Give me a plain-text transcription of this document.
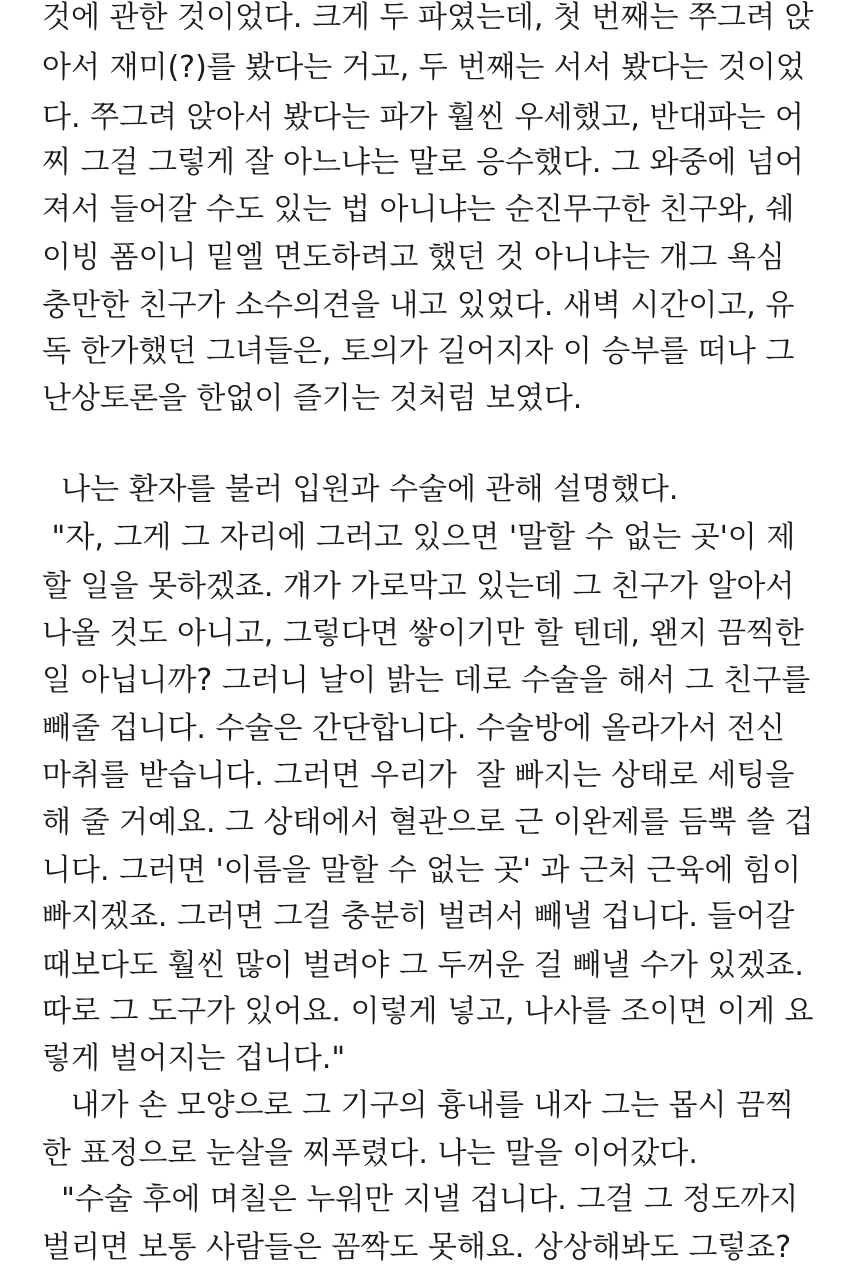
것에 관한 것이었다. 크게 두 파였는데, 첫 번째는 쭈그려 앉
아서 재미(?)를 봤다는 거고, 두 번째는 서서 봤다는 것이었
다. 쭈그려 앉아서 봤다는 파가 훨씬 우세했고, 반대파는 어
찌 그걸 그렇게 잘 아느냐는 말로 응수했다. 그 와중에 넘어
져서 들어갈 수도 있는 법 아니냐는 순진무구한 친구와, 쉐
이빙 폼이니 밑엘 면도하려고 했던 것 아니냐는 개그 욕심
충만한 친구가 소수의견을 내고 있었다. 새벽 시간이고, 유
독 한가했던 그녀들은, 토의가 길어지자 이 승부를 떠나 그
난상토론을 한없이 즐기는 것처럼 보였다.
나는 환자를 불러 입원과 수술에 관해 설명했다.
"자, 그게 그 자리에 그러고 있으면 '말할 수 없는 곳'이 제
할 일을 못하겠죠. 걔가 가로막고 있는데 그 친구가 알아서
나올 것도 아니고, 그렇다면 쌓이기만 할 텐데, 왠지 끔찍한
일 아닙니까? 그러니 날이 밝는 데로 수술을 해서 그 친구를
빼줄 겁니다. 수술은 간단합니다. 수술방에 올라가서 전신
마취를 받습니다. 그러면 우리가  잘 빠지는 상태로 세팅을
해 줄 거예요. 그 상태에서 혈관으로 근 이완제를 듬뿍 쓸 겁
니다. 그러면 '이름을 말할 수 없는 곳' 과 근처 근육에 힘이
빠지겠죠. 그러면 그걸 충분히 벌려서 빼낼 겁니다. 들어갈
때보다도 훨씬 많이 벌려야 그 두꺼운 걸 빼낼 수가 있겠죠.
따로 그 도구가 있어요. 이렇게 넣고, 나사를 조이면 이게 요
렇게 벌어지는 겁니다."
내가 손 모양으로 그 기구의 흉내를 내자 그는 몹시 끔찍
한 표정으로 눈살을 찌푸렸다. 나는 말을 이어갔다.
"수술 후에 며칠은 누워만 지낼 겁니다. 그걸 그 정도까지
벌리면 보통 사람들은 꼼짝도 못해요. 상상해봐도 그렇죠?
